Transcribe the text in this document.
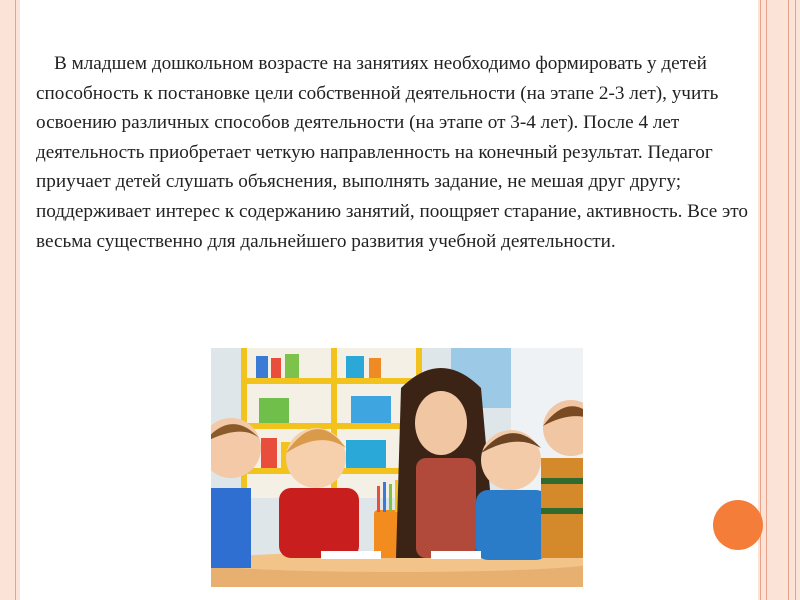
В младшем дошкольном возрасте на занятиях необходимо формировать у детей способность к постановке цели собственной деятельности (на этапе 2-3 лет), учить освоению различных способов деятельности (на этапе от 3-4 лет). После 4 лет деятельность приобретает четкую направленность на конечный результат. Педагог приучает детей слушать объяснения, выполнять задание, не мешая друг другу; поддерживает интерес к содержанию занятий, поощряет старание, активность. Все это весьма существенно для дальнейшего развития учебной деятельности.
